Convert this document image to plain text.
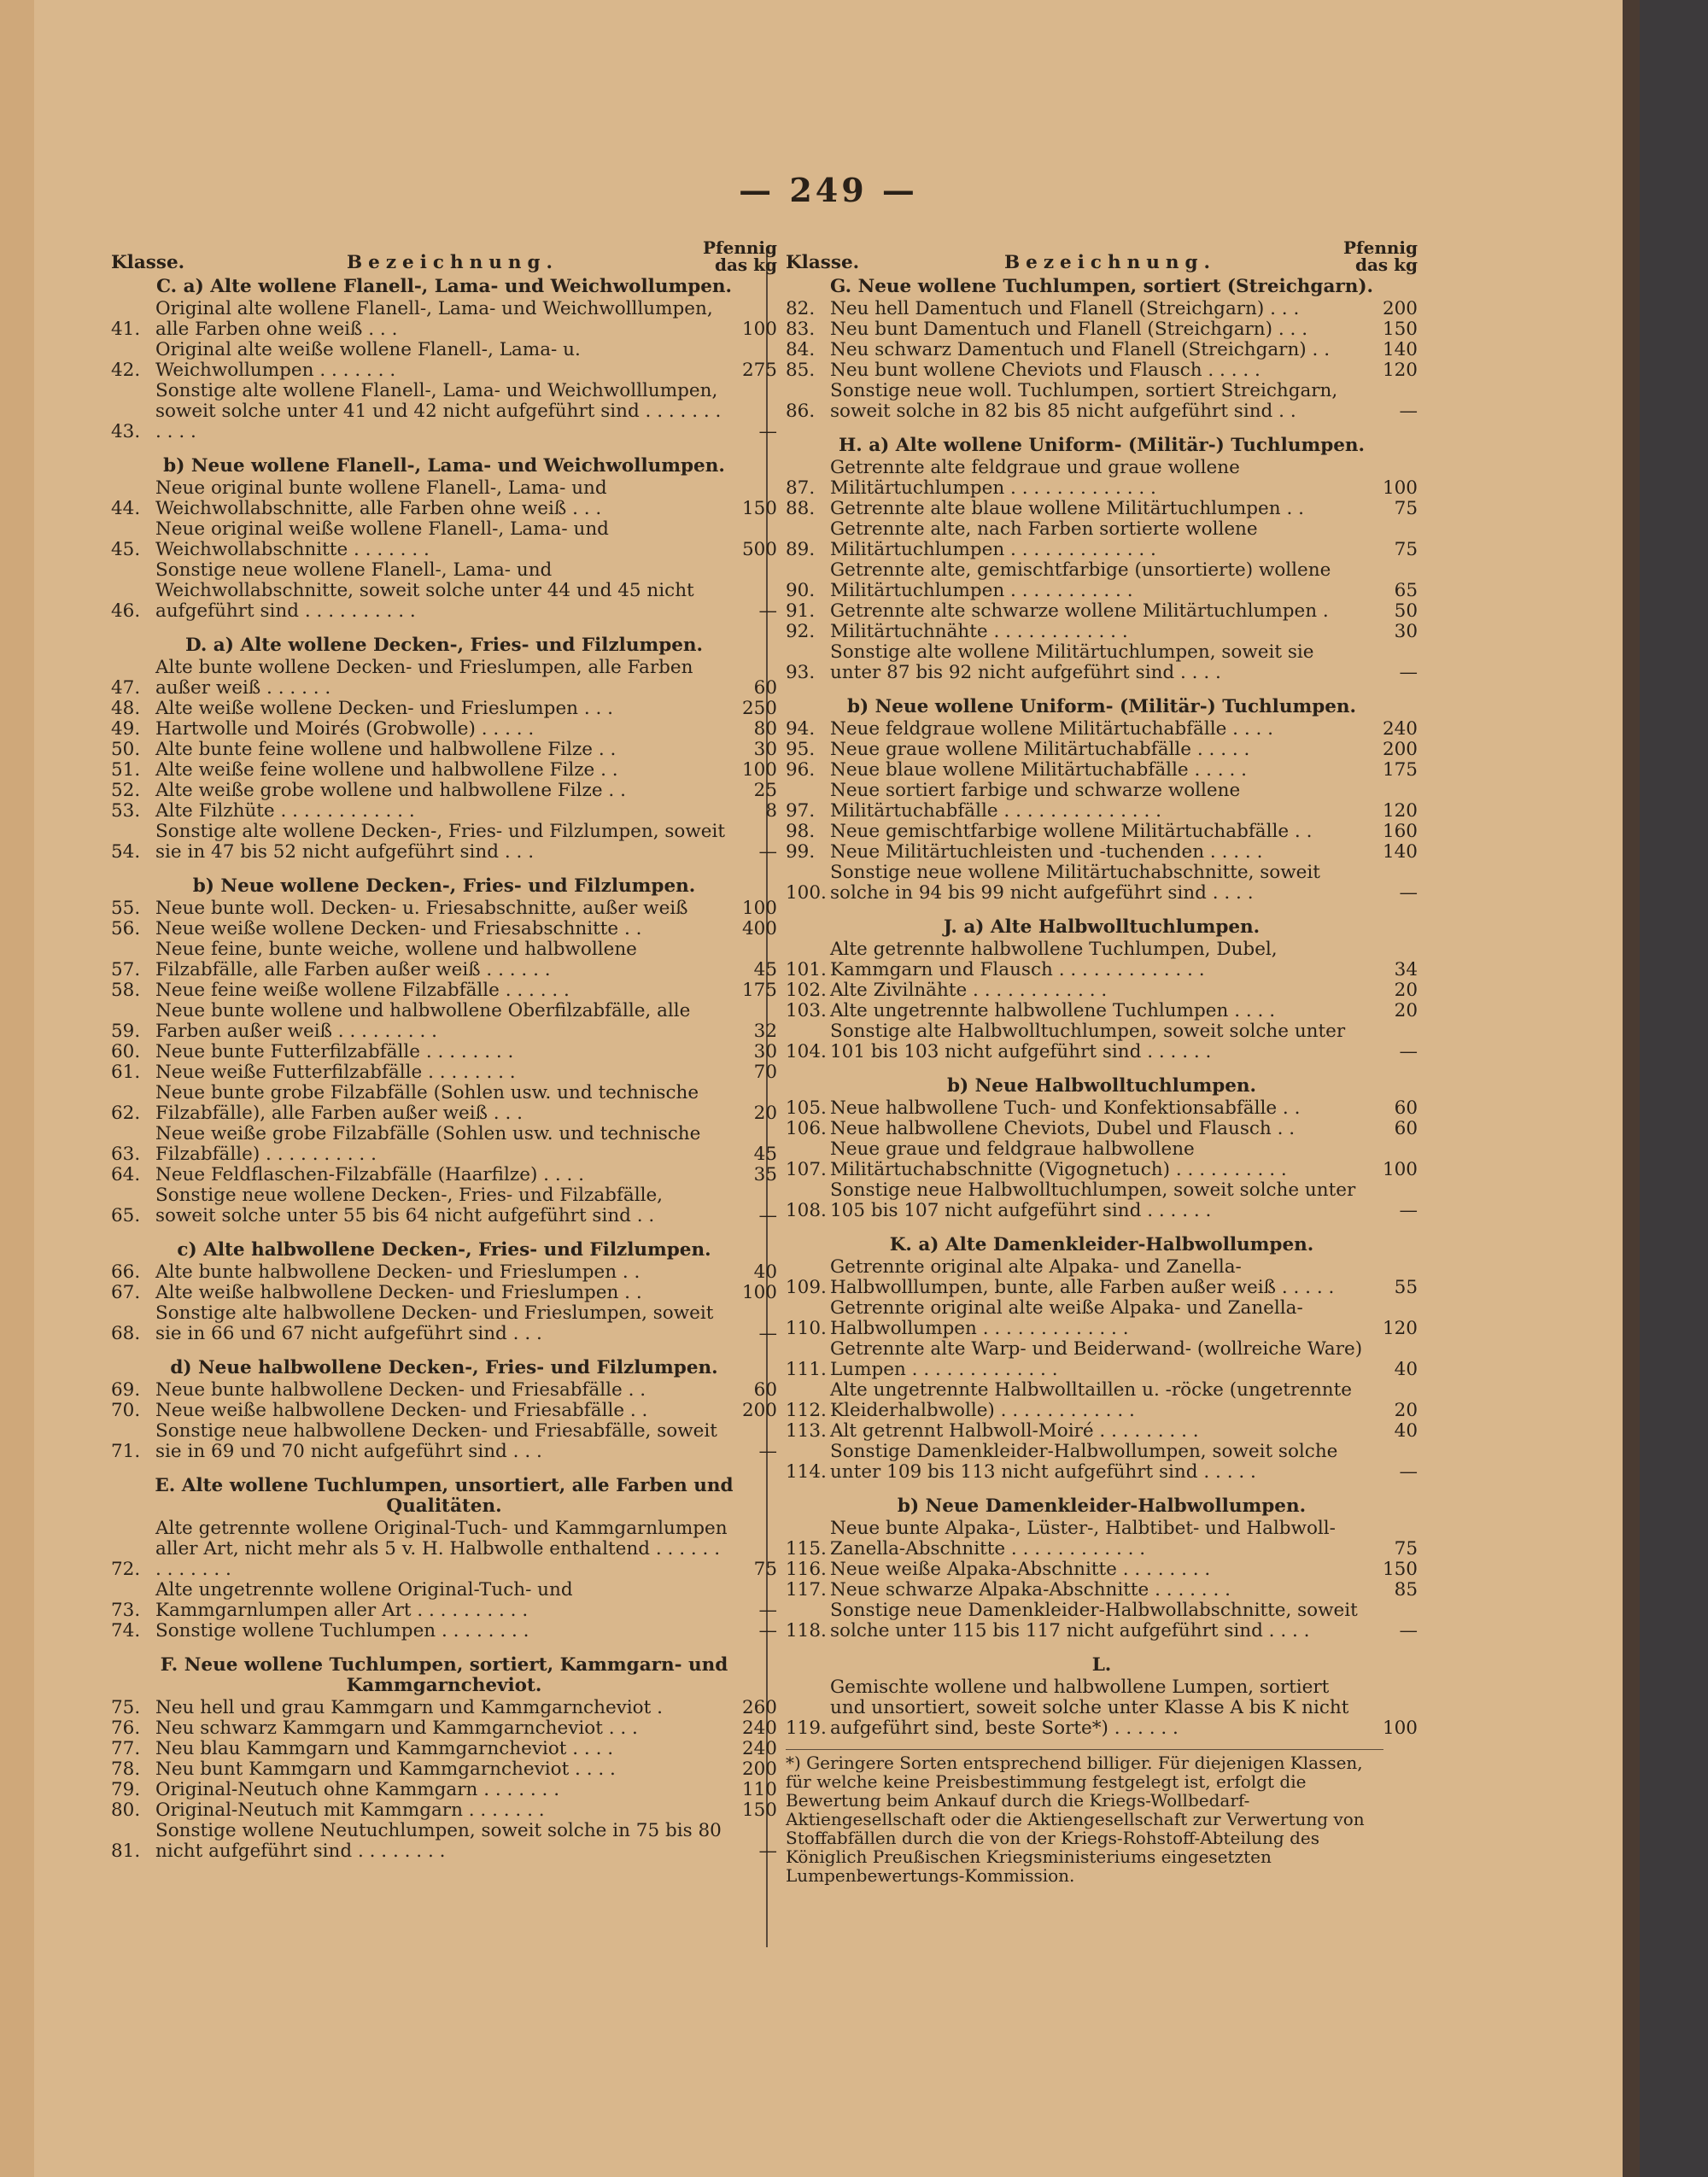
— 249 —
Klasse.	Bezeichnung.
Pfennig das kg
C. a) Alte wollene Flanell-, Lama- und Weichwollumpen.
41.
Original alte wollene Flanell-, Lama- und Weichwolllumpen, alle Farben ohne weiß . . .	100
42.
Original alte weiße wollene Flanell-, Lama- u. Weichwollumpen . . . . . . .	275
43.
Sonstige alte wollene Flanell-, Lama- und Weichwolllumpen, soweit solche unter 41 und 42 nicht aufgeführt sind . . . . . . . . . . .	—
b) Neue wollene Flanell-, Lama- und Weichwollumpen.
44.
Neue original bunte wollene Flanell-, Lama- und Weichwollabschnitte, alle Farben ohne weiß . . .	150
45.
Neue original weiße wollene Flanell-, Lama- und Weichwollabschnitte . . . . . . .	500
46.
Sonstige neue wollene Flanell-, Lama- und Weichwollabschnitte, soweit solche unter 44 und 45 nicht aufgeführt sind . . . . . . . . . .	—
D. a) Alte wollene Decken-, Fries- und Filzlumpen.
47.
Alte bunte wollene Decken- und Frieslumpen, alle Farben außer weiß . . . . . .	60
48. Alte weiße wollene Decken- und Frieslumpen . . .	250
49. Hartwolle und Moirés (Grobwolle) . . . . .	80
50. Alte bunte feine wollene und halbwollene Filze . .	30
51. Alte weiße feine wollene und halbwollene Filze . .	100
52. Alte weiße grobe wollene und halbwollene Filze . .	25
53. Alte Filzhüte . . . . . . . . . . . .	8
54.
Sonstige alte wollene Decken-, Fries- und Filzlumpen, soweit sie in 47 bis 52 nicht aufgeführt sind . . .	—
b) Neue wollene Decken-, Fries- und Filzlumpen.
55. Neue bunte woll. Decken- u. Friesabschnitte, außer weiß	100
56. Neue weiße wollene Decken- und Friesabschnitte . .	400
57.
Neue feine, bunte weiche, wollene und halbwollene Filzabfälle, alle Farben außer weiß . . . . . .	45
58. Neue feine weiße wollene Filzabfälle . . . . . .	175
59.
Neue bunte wollene und halbwollene Oberfilzabfälle, alle Farben außer weiß . . . . . . . . .	32
60. Neue bunte Futterfilzabfälle . . . . . . . .	30
61. Neue weiße Futterfilzabfälle . . . . . . . .	70
62.
Neue bunte grobe Filzabfälle (Sohlen usw. und technische Filzabfälle), alle Farben außer weiß . . .	20
63.
Neue weiße grobe Filzabfälle (Sohlen usw. und technische Filzabfälle) . . . . . . . . . .	45
64. Neue Feldflaschen-Filzabfälle (Haarfilze) . . . .	35
65.
Sonstige neue wollene Decken-, Fries- und Filzabfälle, soweit solche unter 55 bis 64 nicht aufgeführt sind . .	—
c) Alte halbwollene Decken-, Fries- und Filzlumpen.
66. Alte bunte halbwollene Decken- und Frieslumpen . .	40
67. Alte weiße halbwollene Decken- und Frieslumpen . .	100
68.
Sonstige alte halbwollene Decken- und Frieslumpen, soweit sie in 66 und 67 nicht aufgeführt sind . . .	—
d) Neue halbwollene Decken-, Fries- und Filzlumpen.
69. Neue bunte halbwollene Decken- und Friesabfälle . .	60
70. Neue weiße halbwollene Decken- und Friesabfälle . .	200
71.
Sonstige neue halbwollene Decken- und Friesabfälle, soweit sie in 69 und 70 nicht aufgeführt sind . . .	—
E. Alte wollene Tuchlumpen, unsortiert, alle Farben und Qualitäten.
72.
Alte getrennte wollene Original-Tuch- und Kammgarnlumpen aller Art, nicht mehr als 5 v. H. Halbwolle enthaltend . . . . . . . . . . . . .	75
73.
Alte ungetrennte wollene Original-Tuch- und Kammgarnlumpen aller Art . . . . . . . . . .	—
74. Sonstige wollene Tuchlumpen . . . . . . . .	—
F. Neue wollene Tuchlumpen, sortiert, Kammgarn- und Kammgarncheviot.
75. Neu hell und grau Kammgarn und Kammgarncheviot .	260
76. Neu schwarz Kammgarn und Kammgarncheviot . . .	240
77. Neu blau Kammgarn und Kammgarncheviot . . . .	240
78. Neu bunt Kammgarn und Kammgarncheviot . . . .	200
79. Original-Neutuch ohne Kammgarn . . . . . . .	110
80. Original-Neutuch mit Kammgarn . . . . . . .	150
81.
Sonstige wollene Neutuchlumpen, soweit solche in 75 bis 80 nicht aufgeführt sind . . . . . . . .	—
Klasse.	Bezeichnung.
Pfennig das kg
G. Neue wollene Tuchlumpen, sortiert (Streichgarn).
82. Neu hell Damentuch und Flanell (Streichgarn) . . .	200
83. Neu bunt Damentuch und Flanell (Streichgarn) . . .	150
84. Neu schwarz Damentuch und Flanell (Streichgarn) . .	140
85. Neu bunt wollene Cheviots und Flausch . . . . .	120
86.
Sonstige neue woll. Tuchlumpen, sortiert Streichgarn, soweit solche in 82 bis 85 nicht aufgeführt sind . .	—
H. a) Alte wollene Uniform- (Militär-) Tuchlumpen.
87.
Getrennte alte feldgraue und graue wollene Militärtuchlumpen . . . . . . . . . . . . .	100
88. Getrennte alte blaue wollene Militärtuchlumpen . .	75
89.
Getrennte alte, nach Farben sortierte wollene Militärtuchlumpen . . . . . . . . . . . . .	75
90.
Getrennte alte, gemischtfarbige (unsortierte) wollene Militärtuchlumpen . . . . . . . . . . .	65
91. Getrennte alte schwarze wollene Militärtuchlumpen .	50
92. Militärtuchnähte . . . . . . . . . . . .	30
93.
Sonstige alte wollene Militärtuchlumpen, soweit sie unter 87 bis 92 nicht aufgeführt sind . . . .	—
b) Neue wollene Uniform- (Militär-) Tuchlumpen.
94. Neue feldgraue wollene Militärtuchabfälle . . . .	240
95. Neue graue wollene Militärtuchabfälle . . . . .	200
96. Neue blaue wollene Militärtuchabfälle . . . . .	175
97.
Neue sortiert farbige und schwarze wollene Militärtuchabfälle . . . . . . . . . . . . . .	120
98. Neue gemischtfarbige wollene Militärtuchabfälle . .	160
99. Neue Militärtuchleisten und -tuchenden . . . . .	140
100.
Sonstige neue wollene Militärtuchabschnitte, soweit solche in 94 bis 99 nicht aufgeführt sind . . . .	—
J. a) Alte Halbwolltuchlumpen.
101.
Alte getrennte halbwollene Tuchlumpen, Dubel, Kammgarn und Flausch . . . . . . . . . . . . .	34
102. Alte Zivilnähte . . . . . . . . . . . .	20
103. Alte ungetrennte halbwollene Tuchlumpen . . . .	20
104.
Sonstige alte Halbwolltuchlumpen, soweit solche unter 101 bis 103 nicht aufgeführt sind . . . . . .	—
b) Neue Halbwolltuchlumpen.
105. Neue halbwollene Tuch- und Konfektionsabfälle . .	60
106. Neue halbwollene Cheviots, Dubel und Flausch . .	60
107.
Neue graue und feldgraue halbwollene Militärtuchabschnitte (Vigognetuch) . . . . . . . . . .	100
108.
Sonstige neue Halbwolltuchlumpen, soweit solche unter 105 bis 107 nicht aufgeführt sind . . . . . .	—
K. a) Alte Damenkleider-Halbwollumpen.
109.
Getrennte original alte Alpaka- und Zanella-Halbwolllumpen, bunte, alle Farben außer weiß . . . . .	55
110.
Getrennte original alte weiße Alpaka- und Zanella-Halbwollumpen . . . . . . . . . . . . .	120
111.
Getrennte alte Warp- und Beiderwand- (wollreiche Ware) Lumpen . . . . . . . . . . . . .	40
112.
Alte ungetrennte Halbwolltaillen u. -röcke (ungetrennte Kleiderhalbwolle) . . . . . . . . . . . .	20
113. Alt getrennt Halbwoll-Moiré . . . . . . . . .	40
114.
Sonstige Damenkleider-Halbwollumpen, soweit solche unter 109 bis 113 nicht aufgeführt sind . . . . .	—
b) Neue Damenkleider-Halbwollumpen.
115.
Neue bunte Alpaka-, Lüster-, Halbtibet- und Halbwoll-Zanella-Abschnitte . . . . . . . . . . . .	75
116. Neue weiße Alpaka-Abschnitte . . . . . . . .	150
117. Neue schwarze Alpaka-Abschnitte . . . . . . .	85
118.
Sonstige neue Damenkleider-Halbwollabschnitte, soweit solche unter 115 bis 117 nicht aufgeführt sind . . . .	—
L.
119.
Gemischte wollene und halbwollene Lumpen, sortiert und unsortiert, soweit solche unter Klasse A bis K nicht aufgeführt sind, beste Sorte*) . . . . . .	100
*) Geringere Sorten entsprechend billiger. Für diejenigen Klassen, für welche keine Preisbestimmung festgelegt ist, erfolgt die Bewertung beim Ankauf durch die Kriegs-Wollbedarf-Aktiengesellschaft oder die Aktiengesellschaft zur Verwertung von Stoffabfällen durch die von der Kriegs-Rohstoff-Abteilung des Königlich Preußischen Kriegsministeriums eingesetzten Lumpenbewertungs-Kommission.
